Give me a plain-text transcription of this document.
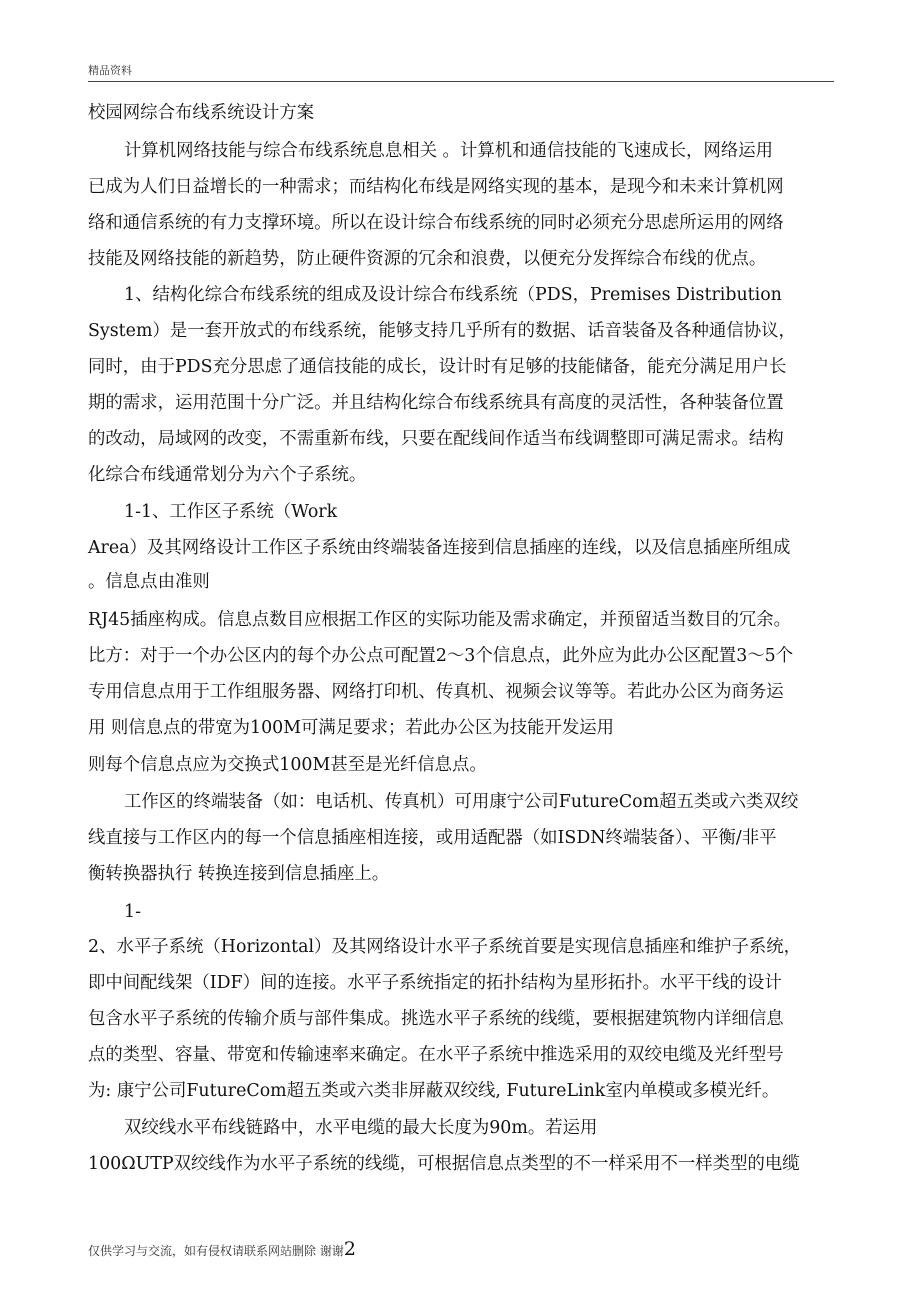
精品资料

校园网综合布线系统设计方案

计算机网络技能与综合布线系统息息相关 。计算机和通信技能的飞速成长，网络运用

已成为人们日益增长的一种需求；而结构化布线是网络实现的基本，是现今和未来计算机网

络和通信系统的有力支撑环境。所以在设计综合布线系统的同时必须充分思虑所运用的网络

技能及网络技能的新趋势，防止硬件资源的冗余和浪费，以便充分发挥综合布线的优点。

1、结构化综合布线系统的组成及设计综合布线系统（PDS，Premises Distribution

System）是一套开放式的布线系统，能够支持几乎所有的数据、话音装备及各种通信协议，

同时，由于PDS充分思虑了通信技能的成长，设计时有足够的技能储备，能充分满足用户长

期的需求，运用范围十分广泛。并且结构化综合布线系统具有高度的灵活性，各种装备位置

的改动，局域网的改变，不需重新布线，只要在配线间作适当布线调整即可满足需求。结构

化综合布线通常划分为六个子系统。

1-1、工作区子系统（Work

Area）及其网络设计工作区子系统由终端装备连接到信息插座的连线，以及信息插座所组成

。信息点由准则

RJ45插座构成。信息点数目应根据工作区的实际功能及需求确定，并预留适当数目的冗余。

比方：对于一个办公区内的每个办公点可配置2～3个信息点，此外应为此办公区配置3～5个

专用信息点用于工作组服务器、网络打印机、传真机、视频会议等等。若此办公区为商务运

用 则信息点的带宽为100M可满足要求；若此办公区为技能开发运用

则每个信息点应为交换式100M甚至是光纤信息点。

工作区的终端装备（如：电话机、传真机）可用康宁公司FutureCom超五类或六类双绞

线直接与工作区内的每一个信息插座相连接，或用适配器（如ISDN终端装备）、平衡/非平

衡转换器执行 转换连接到信息插座上。

1-

2、水平子系统（Horizontal）及其网络设计水平子系统首要是实现信息插座和维护子系统，

即中间配线架（IDF）间的连接。水平子系统指定的拓扑结构为星形拓扑。水平干线的设计

包含水平子系统的传输介质与部件集成。挑选水平子系统的线缆，要根据建筑物内详细信息

点的类型、容量、带宽和传输速率来确定。在水平子系统中推选采用的双绞电缆及光纤型号

为: 康宁公司FutureCom超五类或六类非屏蔽双绞线, FutureLink室内单模或多模光纤。

双绞线水平布线链路中，水平电缆的最大长度为90m。若运用

100ΩUTP双绞线作为水平子系统的线缆，可根据信息点类型的不一样采用不一样类型的电缆

仅供学习与交流，如有侵权请联系网站删除 谢谢2
